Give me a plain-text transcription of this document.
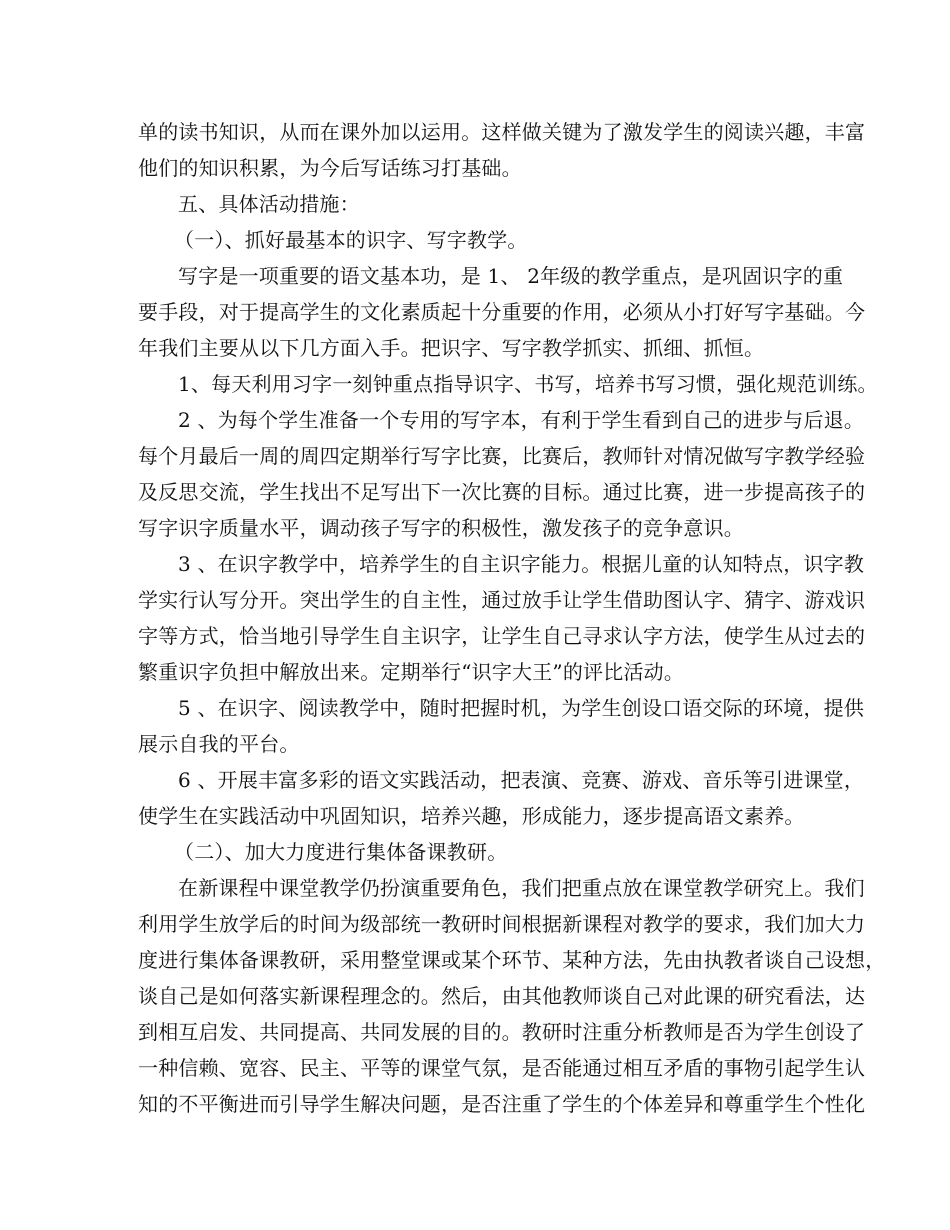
单的读书知识，从而在课外加以运用。这样做关键为了激发学生的阅读兴趣，丰富
他们的知识积累，为今后写话练习打基础。
五、具体活动措施：
（一）、抓好最基本的识字、写字教学。
写字是一项重要的语文基本功，是 1、 2年级的教学重点，是巩固识字的重
要手段，对于提高学生的文化素质起十分重要的作用，必须从小打好写字基础。今
年我们主要从以下几方面入手。把识字、写字教学抓实、抓细、抓恒。
1、每天利用习字一刻钟重点指导识字、书写，培养书写习惯，强化规范训练。
2 、为每个学生准备一个专用的写字本，有利于学生看到自己的进步与后退。
每个月最后一周的周四定期举行写字比赛，比赛后，教师针对情况做写字教学经验
及反思交流，学生找出不足写出下一次比赛的目标。通过比赛，进一步提高孩子的
写字识字质量水平，调动孩子写字的积极性，激发孩子的竞争意识。
3 、在识字教学中，培养学生的自主识字能力。根据儿童的认知特点，识字教
学实行认写分开。突出学生的自主性，通过放手让学生借助图认字、猜字、游戏识
字等方式，恰当地引导学生自主识字，让学生自己寻求认字方法，使学生从过去的
繁重识字负担中解放出来。定期举行“识字大王”的评比活动。
5 、在识字、阅读教学中，随时把握时机，为学生创设口语交际的环境，提供
展示自我的平台。
6 、开展丰富多彩的语文实践活动，把表演、竞赛、游戏、音乐等引进课堂，
使学生在实践活动中巩固知识，培养兴趣，形成能力，逐步提高语文素养。
（二）、加大力度进行集体备课教研。
在新课程中课堂教学仍扮演重要角色，我们把重点放在课堂教学研究上。我们
利用学生放学后的时间为级部统一教研时间根据新课程对教学的要求，我们加大力
度进行集体备课教研，采用整堂课或某个环节、某种方法，先由执教者谈自己设想，
谈自己是如何落实新课程理念的。然后，由其他教师谈自己对此课的研究看法，达
到相互启发、共同提高、共同发展的目的。教研时注重分析教师是否为学生创设了
一种信赖、宽容、民主、平等的课堂气氛，是否能通过相互矛盾的事物引起学生认
知的不平衡进而引导学生解决问题，是否注重了学生的个体差异和尊重学生个性化
